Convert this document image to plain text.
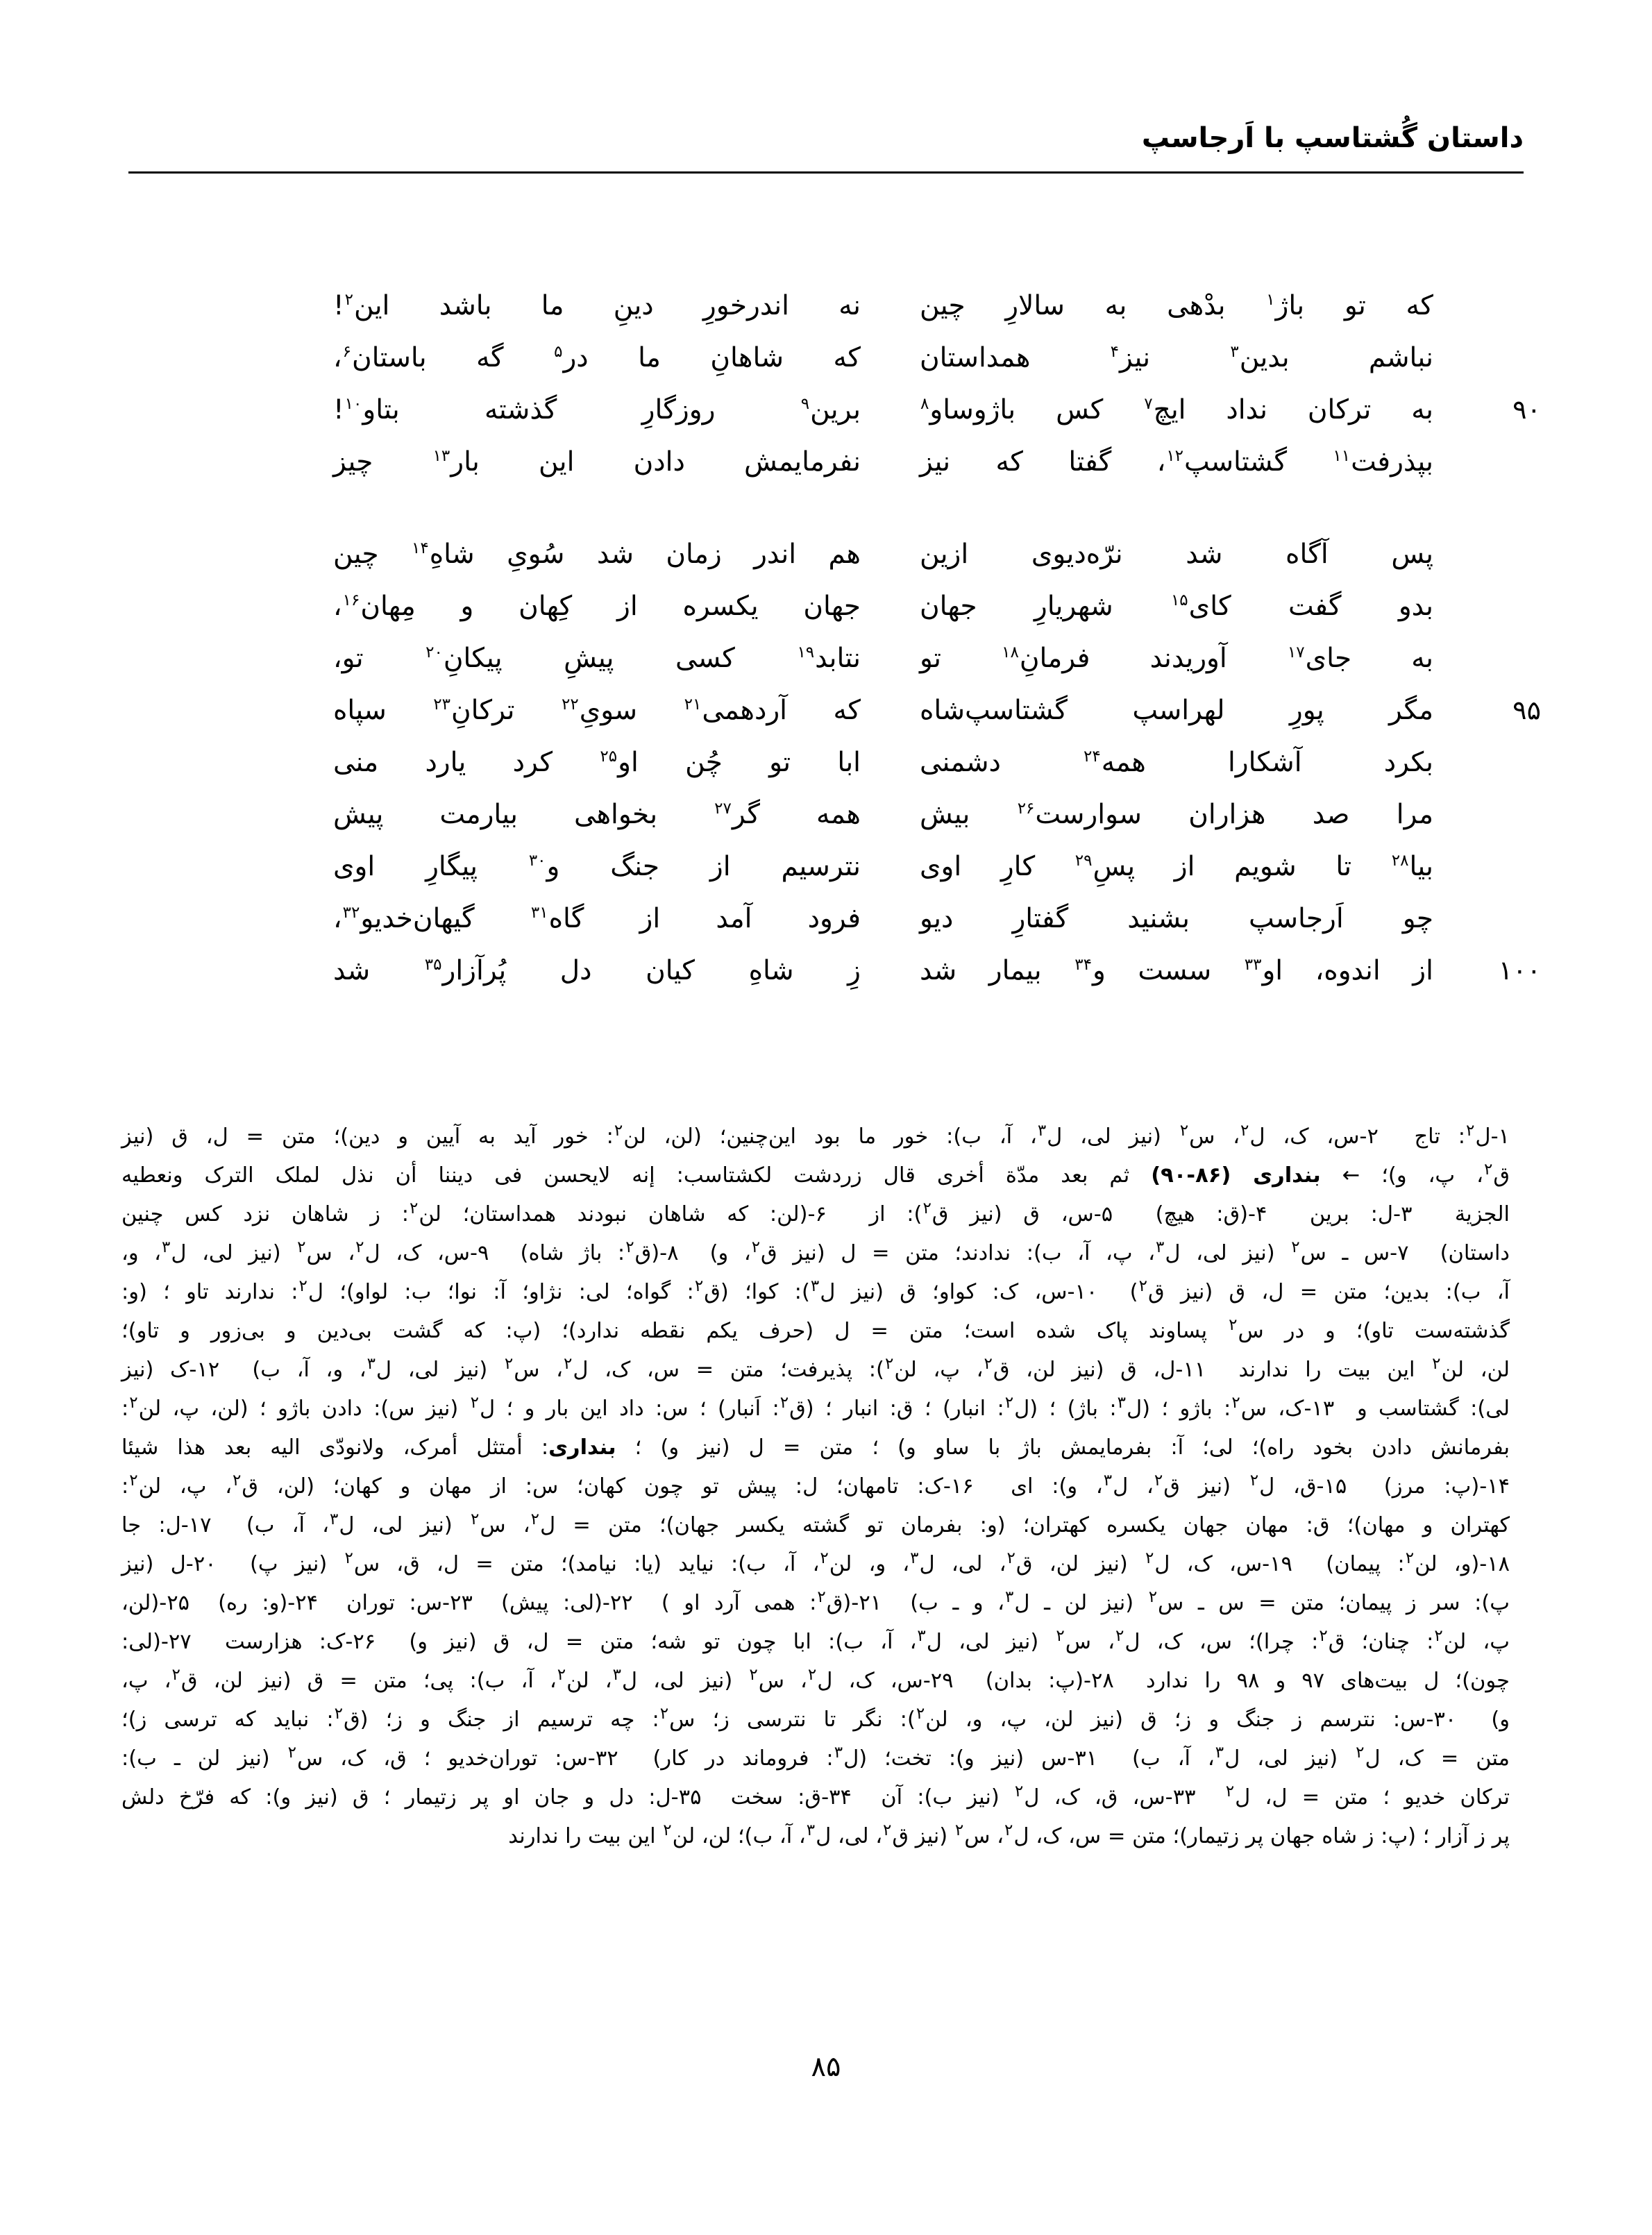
داستان گُشتاسپ با اَرجاسپ
که تو باژ$^۱$ بدْهی به سالارِ چین
نه اندرخورِ دینِ ما باشد این$^۲$!
نباشم بدین$^۳$ نیز$^۴$ همداستان
که شاهانِ ما در$^۵$ گه باستان$^۶$،
۹۰
به ترکان نداد ایچ$^۷$ کس باژوساو$^۸$
برین$^۹$ روزگارِ گذشته بتاو$^{۱۰}$!
بپذرفت$^{۱۱}$ گشتاسپ$^{۱۲}$، گفتا که نیز
نفرمایمش دادن این بار$^{۱۳}$ چیز
پس آگاه شد نرّه‌دیوی ازین
هم اندر زمان شد سُویِ شاهِ$^{۱۴}$ چین
بدو گفت کای$^{۱۵}$ شهریارِ جهان
جهان یکسره از کِهان و مِهان$^{۱۶}$،
به جای$^{۱۷}$ آوریدند فرمانِ$^{۱۸}$ تو
نتابد$^{۱۹}$ کسی پیشِ پیکانِ$^{۲۰}$ تو،
۹۵
مگر پورِ لهراسپ گشتاسپ‌شاه
که آردهمی$^{۲۱}$ سویِ$^{۲۲}$ ترکانِ$^{۲۳}$ سپاه
بکرد آشکارا همه$^{۲۴}$ دشمنی
ابا تو چُن او$^{۲۵}$ کرد یارد منی
مرا صد هزاران سوارست$^{۲۶}$ بیش
همه گر$^{۲۷}$ بخواهی بیارمت پیش
بیا$^{۲۸}$ تا شویم از پسِ$^{۲۹}$ کارِ اوی
نترسیم از جنگ و$^{۳۰}$ پیگارِ اوی
چو اَرجاسپ بشنید گفتارِ دیو
فرود آمد از گاه$^{۳۱}$ گیهان‌خدیو$^{۳۲}$،
۱۰۰
از اندوه، او$^{۳۳}$ سست و$^{۳۴}$ بیمار شد
زِ شاهِ کیان دل پُرآزار$^{۳۵}$ شد

۱-ل$^۲$: تاج  ۲-س، ک، ل$^۲$، س$^۲$ (نیز لی، ل$^۳$، آ، ب): خور ما بود این‌چنین؛ (لن، لن$^۲$: خور آید به آیین و دین)؛ متن = ل، ق (نیز

ق$^۲$، پ، و)؛ ← بنداری (۸۶-۹۰) ثم بعد مدّة أخری قال زردشت لکشتاسب: إنه لایحسن فی دیننا أن نذل لملک الترک ونعطیه

الجزیة  ۳-ل: برین  ۴-(ق: هیچ)  ۵-س، ق (نیز ق$^۲$): از  ۶-(لن: که شاهان نبودند همداستان؛ لن$^۲$: ز شاهان نزد کس چنین

داستان)  ۷-س ـ س$^۲$ (نیز لی، ل$^۳$، پ، آ، ب): ندادند؛ متن = ل (نیز ق$^۲$، و)  ۸-(ق$^۲$: باژ شاه)  ۹-س، ک، ل$^۲$، س$^۲$ (نیز لی، ل$^۳$، و،

آ، ب): بدین؛ متن = ل، ق (نیز ق$^۲$)  ۱۰-س، ک: کواو؛ ق (نیز ل$^۳$): کوا؛ (ق$^۲$: گواه؛ لی: نژاو؛ آ: نوا؛ ب: لواو)؛ ل$^۲$: ندارند تاو ؛ (و:

گذشته‌ست تاو)؛ و در س$^۲$ پساوند پاک شده است؛ متن = ل (حرف یکم نقطه ندارد)؛ (پ: که گشت بی‌دین و بی‌زور و تاو)؛

لن، لن$^۲$ این بیت را ندارند  ۱۱-ل، ق (نیز لن، ق$^۲$، پ، لن$^۲$): پذیرفت؛ متن = س، ک، ل$^۲$، س$^۲$ (نیز لی، ل$^۳$، و، آ، ب)  ۱۲-ک (نیز

لی): گشتاسب و  ۱۳-ک، س$^۲$: باژو ؛ (ل$^۳$: باژ) ؛ (ل$^۲$: انبار) ؛ ق: انبار ؛ (ق$^۲$: اَنبار) ؛ س: داد این بار و ؛ ل$^۲$ (نیز س): دادن باژو ؛ (لن، پ، لن$^۲$:

بفرمانش دادن بخود راه)؛ لی؛ آ: بفرمایمش باژ با ساو و) ؛ متن = ل (نیز و) ؛ بنداری: أمتثل أمرک، ولانودّی الیه بعد هذا شیئا

۱۴-(پ: مرز)  ۱۵-ق، ل$^۲$ (نیز ق$^۲$، ل$^۳$، و): ای  ۱۶-ک: تامهان؛ ل: پیش تو چون کهان؛ س: از مهان و کهان؛ (لن، ق$^۲$، پ، لن$^۲$:

کهتران و مهان)؛ ق: مهان جهان یکسره کهتران؛ (و: بفرمان تو گشته یکسر جهان)؛ متن = ل$^۲$، س$^۲$ (نیز لی، ل$^۳$، آ، ب)  ۱۷-ل: جا

۱۸-(و، لن$^۲$: پیمان)  ۱۹-س، ک، ل$^۲$ (نیز لن، ق$^۲$، لی، ل$^۳$، و، لن$^۲$، آ، ب): نیاید (یا: نیامد)؛ متن = ل، ق، س$^۲$ (نیز پ)  ۲۰-ل (نیز

پ): سر ز پیمان؛ متن = س ـ س$^۲$ (نیز لن ـ ل$^۳$، و ـ ب)  ۲۱-(ق$^۲$: همی آرد او )  ۲۲-(لی: پیش)  ۲۳-س: توران  ۲۴-(و: ره)  ۲۵-(لن،

پ، لن$^۲$: چنان؛ ق$^۲$: چرا)؛ س، ک، ل$^۲$، س$^۲$ (نیز لی، ل$^۳$، آ، ب): ابا چون تو شه؛ متن = ل، ق (نیز و)  ۲۶-ک: هزارست  ۲۷-(لی:

چون)؛ ل بیت‌های ۹۷ و ۹۸ را ندارد  ۲۸-(پ: بدان)  ۲۹-س، ک، ل$^۲$، س$^۲$ (نیز لی، ل$^۳$، لن$^۲$، آ، ب): پی؛ متن = ق (نیز لن، ق$^۲$، پ،

و)  ۳۰-س: نترسم ز جنگ و ز؛ ق (نیز لن، پ، و، لن$^۲$): نگر تا نترسی ز؛ س$^۲$: چه ترسیم از جنگ و ز؛ (ق$^۲$: نباید که ترسی ز)؛

متن = ک، ل$^۲$ (نیز لی، ل$^۳$، آ، ب)  ۳۱-س (نیز و): تخت؛ (ل$^۳$: فروماند در کار)  ۳۲-س: توران‌خدیو ؛ ق، ک، س$^۲$ (نیز لن ـ ب):

ترکان خدیو ؛ متن = ل، ل$^۲$  ۳۳-س، ق، ک، ل$^۲$ (نیز ب): آن  ۳۴-ق: سخت  ۳۵-ل: دل و جان او پر زتیمار ؛ ق (نیز و): که فرّخ دلش

پر ز آزار ؛ (پ: ز شاه جهان پر زتیمار)؛ متن = س، ک، ل$^۲$، س$^۲$ (نیز ق$^۲$، لی، ل$^۳$، آ، ب)؛ لن، لن$^۲$ این بیت را ندارند

۸۵
